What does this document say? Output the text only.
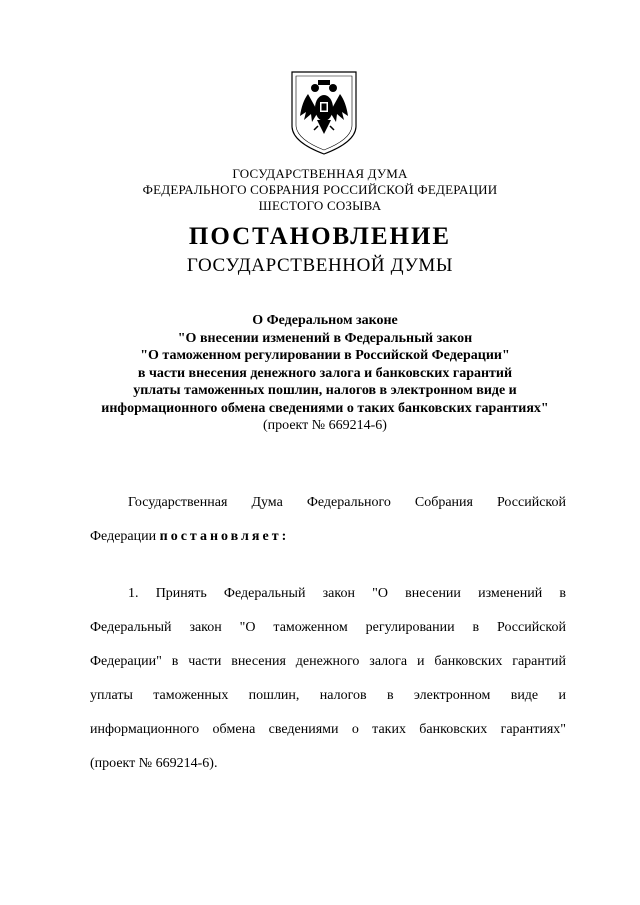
ГОСУДАРСТВЕННАЯ ДУМА
ФЕДЕРАЛЬНОГО СОБРАНИЯ РОССИЙСКОЙ ФЕДЕРАЦИИ
ШЕСТОГО СОЗЫВА
ПОСТАНОВЛЕНИЕ
ГОСУДАРСТВЕННОЙ ДУМЫ
О Федеральном законе
"О внесении изменений в Федеральный закон
"О таможенном регулировании в Российской Федерации"
в части внесения денежного залога и банковских гарантий
уплаты таможенных пошлин, налогов в электронном виде и
информационного обмена сведениями о таких банковских гарантиях"
(проект № 669214-6)
Государственная Дума Федерального Собрания Российской
Федерации постановляет:
1. Принять Федеральный закон "О внесении изменений в
Федеральный закон "О таможенном регулировании в Российской
Федерации" в части внесения денежного залога и банковских гарантий
уплаты таможенных пошлин, налогов в электронном виде и
информационного обмена сведениями о таких банковских гарантиях"
(проект № 669214-6).
